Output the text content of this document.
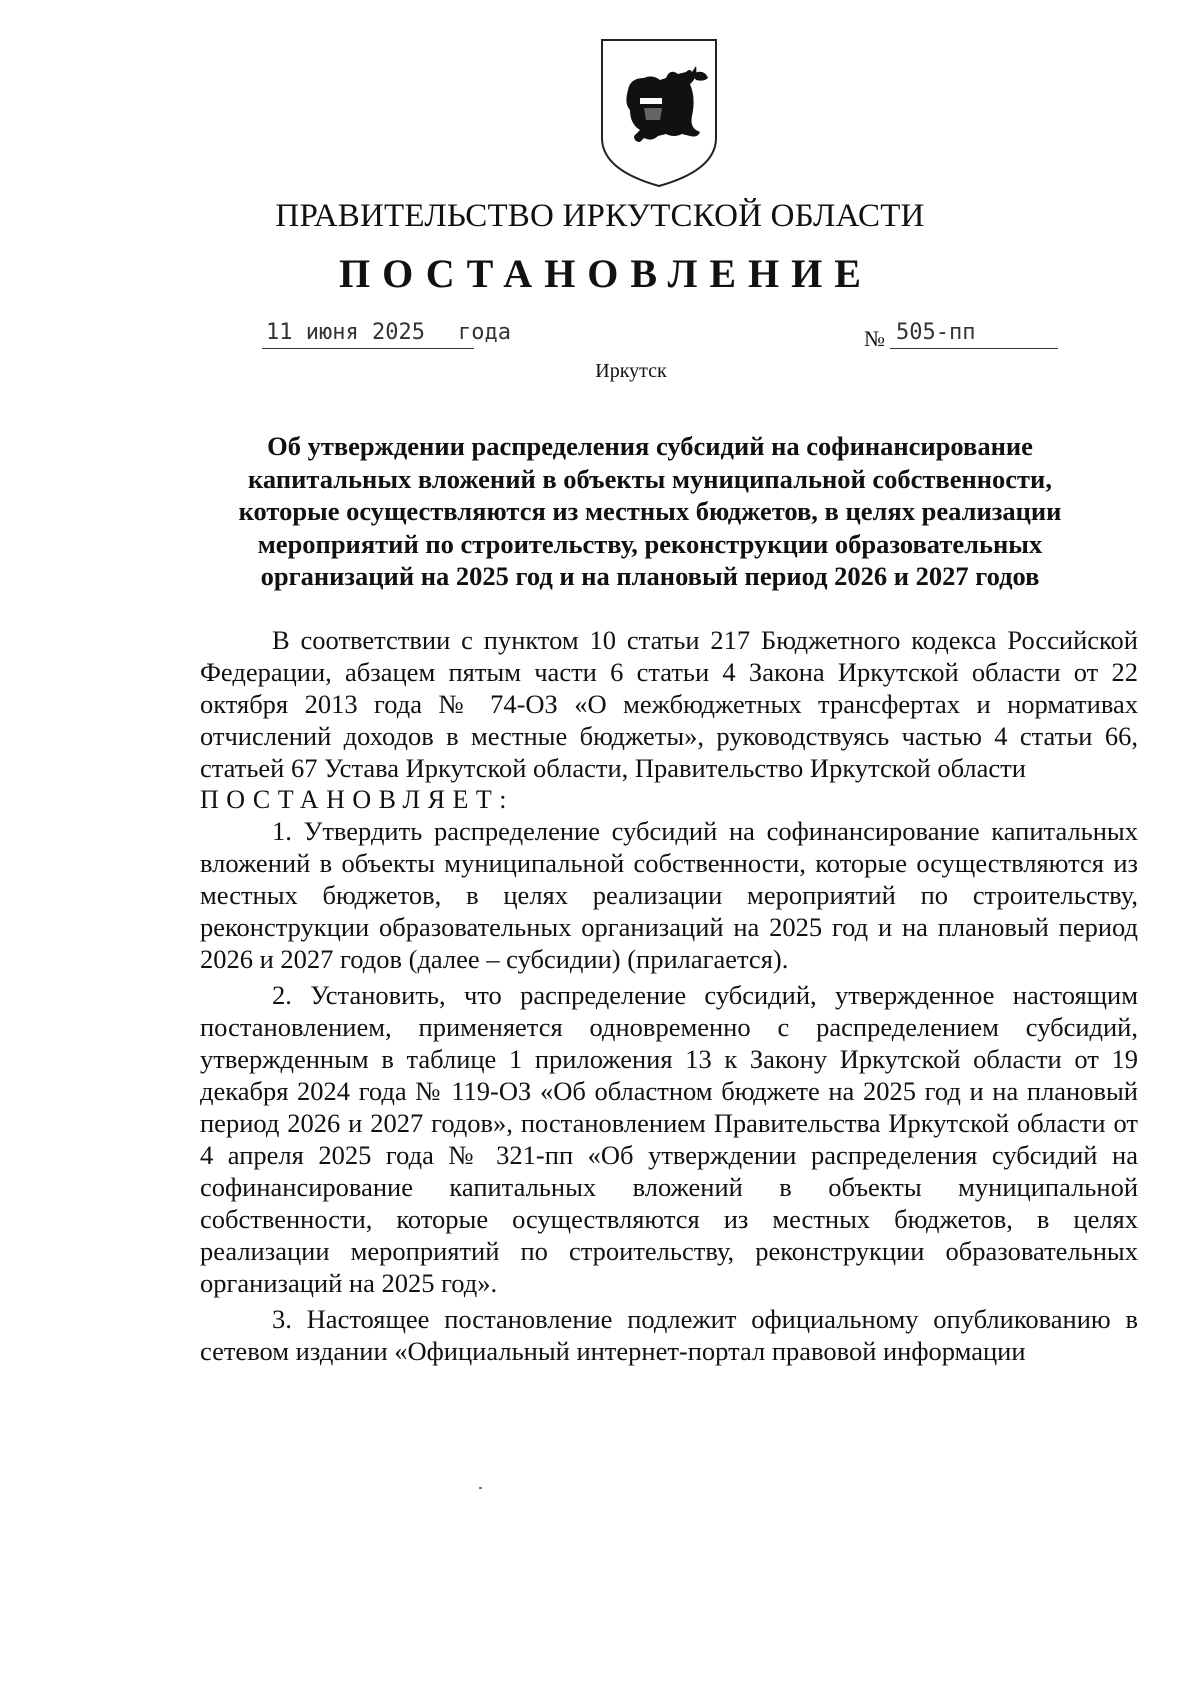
ПРАВИТЕЛЬСТВО ИРКУТСКОЙ ОБЛАСТИ
ПОСТАНОВЛЕНИЕ
11 июня 2025	года	№ 505-пп
Иркутск
Об утверждении распределения субсидий на софинансирование капитальных вложений в объекты муниципальной собственности, которые осуществляются из местных бюджетов, в целях реализации мероприятий по строительству, реконструкции образовательных организаций на 2025 год и на плановый период 2026 и 2027 годов

В соответствии с пунктом 10 статьи 217 Бюджетного кодекса Российской Федерации, абзацем пятым части 6 статьи 4 Закона Иркутской области от 22 октября 2013 года № 74-ОЗ «О межбюджетных трансфертах и нормативах отчислений доходов в местные бюджеты», руководствуясь частью 4 статьи 66, статьей 67 Устава Иркутской области, Правительство Иркутской области

ПОСТАНОВЛЯЕТ:

1. Утвердить распределение субсидий на софинансирование капитальных вложений в объекты муниципальной собственности, которые осуществляются из местных бюджетов, в целях реализации мероприятий по строительству, реконструкции образовательных организаций на 2025 год и на плановый период 2026 и 2027 годов (далее – субсидии) (прилагается).

2. Установить, что распределение субсидий, утвержденное настоящим постановлением, применяется одновременно с распределением субсидий, утвержденным в таблице 1 приложения 13 к Закону Иркутской области от 19 декабря 2024 года № 119-ОЗ «Об областном бюджете на 2025 год и на плановый период 2026 и 2027 годов», постановлением Правительства Иркутской области от 4 апреля 2025 года № 321-пп «Об утверждении распределения субсидий на софинансирование капитальных вложений в объекты муниципальной собственности, которые осуществляются из местных бюджетов, в целях реализации мероприятий по строительству, реконструкции образовательных организаций на 2025 год».

3. Настоящее постановление подлежит официальному опубликованию в сетевом издании «Официальный интернет-портал правовой информации
